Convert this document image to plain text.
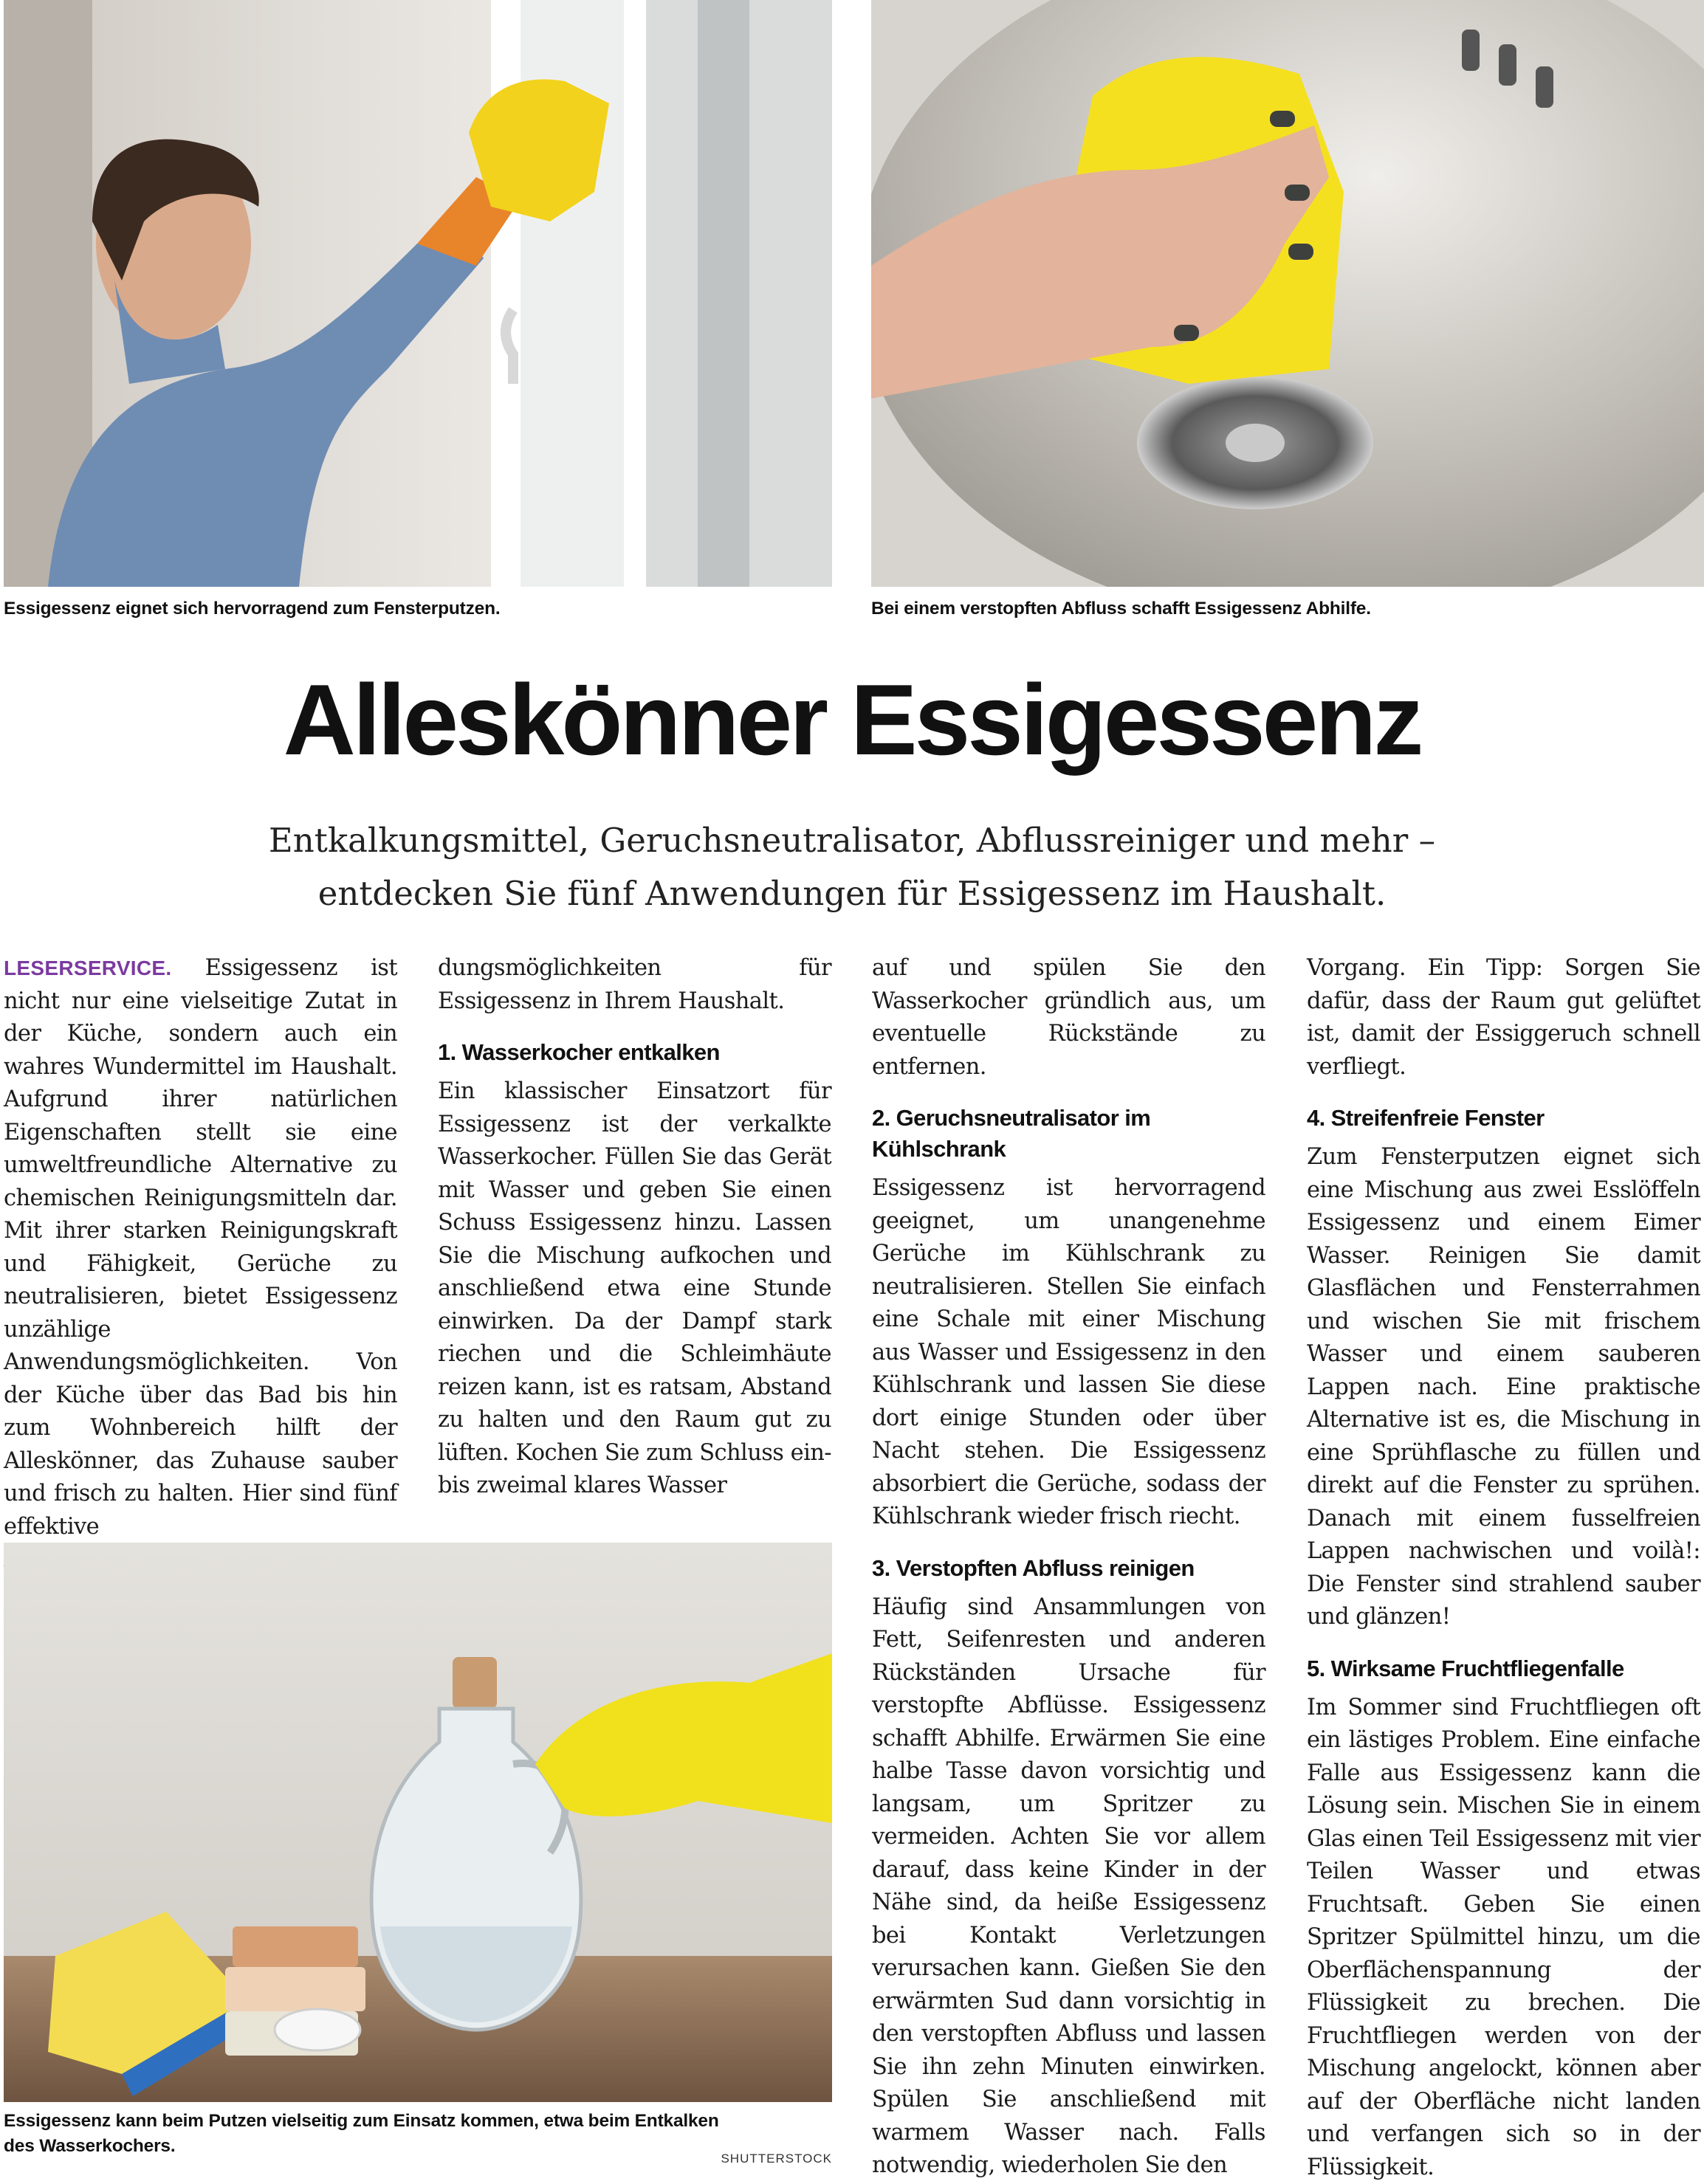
Essigessenz eignet sich hervorragend zum Fensterputzen.	Bei einem verstopften Abfluss schafft Essigessenz Abhilfe.
Alleskönner Essigessenz
Entkalkungsmittel, Geruchsneutralisator, Abflussreiniger und mehr –
entdecken Sie fünf Anwendungen für Essigessenz im Haushalt.

LESERSERVICE. Essigessenz ist nicht nur eine vielseitige Zutat in der Küche, sondern auch ein wahres Wundermittel im Haushalt. Aufgrund ihrer natürlichen Eigenschaften stellt sie eine umweltfreundliche Alternative zu chemischen Reinigungsmitteln dar. Mit ihrer starken Reinigungskraft und Fähigkeit, Gerüche zu neutralisieren, bietet Essigessenz unzählige Anwendungsmöglichkeiten. Von der Küche über das Bad bis hin zum Wohnbereich hilft der Alleskönner, das Zuhause sauber und frisch zu halten. Hier sind fünf effektive

dungsmöglichkeiten für Essigessenz in Ihrem Haushalt.

1. Wasserkocher entkalken

Ein klassischer Einsatzort für Essigessenz ist der verkalkte Wasserkocher. Füllen Sie das Gerät mit Wasser und geben Sie einen Schuss Essigessenz hinzu. Lassen Sie die Mischung aufkochen und anschließend etwa eine Stunde einwirken. Da der Dampf stark riechen und die Schleimhäute reizen kann, ist es ratsam, Abstand zu halten und den Raum gut zu lüften. Kochen Sie zum Schluss ein- bis zweimal klares Wasser

auf und spülen Sie den Wasserkocher gründlich aus, um eventuelle Rückstände zu entfernen.

2. Geruchsneutralisator im Kühlschrank

Essigessenz ist hervorragend geeignet, um unangenehme Gerüche im Kühlschrank zu neutralisieren. Stellen Sie einfach eine Schale mit einer Mischung aus Wasser und Essigessenz in den Kühlschrank und lassen Sie diese dort einige Stunden oder über Nacht stehen. Die Essigessenz absorbiert die Gerüche, sodass der Kühlschrank wieder frisch riecht.

3. Verstopften Abfluss reinigen

Häufig sind Ansammlungen von Fett, Seifenresten und anderen Rückständen Ursache für verstopfte Abflüsse. Essigessenz schafft Abhilfe. Erwärmen Sie eine halbe Tasse davon vorsichtig und langsam, um Spritzer zu vermeiden. Achten Sie vor allem darauf, dass keine Kinder in der Nähe sind, da heiße Essigessenz bei Kontakt Verletzungen verursachen kann. Gießen Sie den erwärmten Sud dann vorsichtig in den verstopften Abfluss und lassen Sie ihn zehn Minuten einwirken. Spülen Sie anschließend mit warmem Wasser nach. Falls notwendig, wiederholen Sie den

Vorgang. Ein Tipp: Sorgen Sie dafür, dass der Raum gut gelüftet ist, damit der Essiggeruch schnell verfliegt.

4. Streifenfreie Fenster

Zum Fensterputzen eignet sich eine Mischung aus zwei Esslöffeln Essigessenz und einem Eimer Wasser. Reinigen Sie damit Glasflächen und Fensterrahmen und wischen Sie mit frischem Wasser und einem sauberen Lappen nach. Eine praktische Alternative ist es, die Mischung in eine Sprühflasche zu füllen und direkt auf die Fenster zu sprühen. Danach mit einem fusselfreien Lappen nachwischen und voilà!: Die Fenster sind strahlend sauber und glänzen!

5. Wirksame Fruchtfliegenfalle

Im Sommer sind Fruchtfliegen oft ein lästiges Problem. Eine einfache Falle aus Essigessenz kann die Lösung sein. Mischen Sie in einem Glas einen Teil Essigessenz mit vier Teilen Wasser und etwas Fruchtsaft. Geben Sie einen Spritzer Spülmittel hinzu, um die Oberflächenspannung der Flüssigkeit zu brechen. Die Fruchtfliegen werden von der Mischung angelockt, können aber auf der Oberfläche nicht landen und verfangen sich so in der Flüssigkeit.

Essigessenz kann beim Putzen vielseitig zum Einsatz kommen, etwa beim Entkalken
des Wasserkochers.
SHUTTERSTOCK
